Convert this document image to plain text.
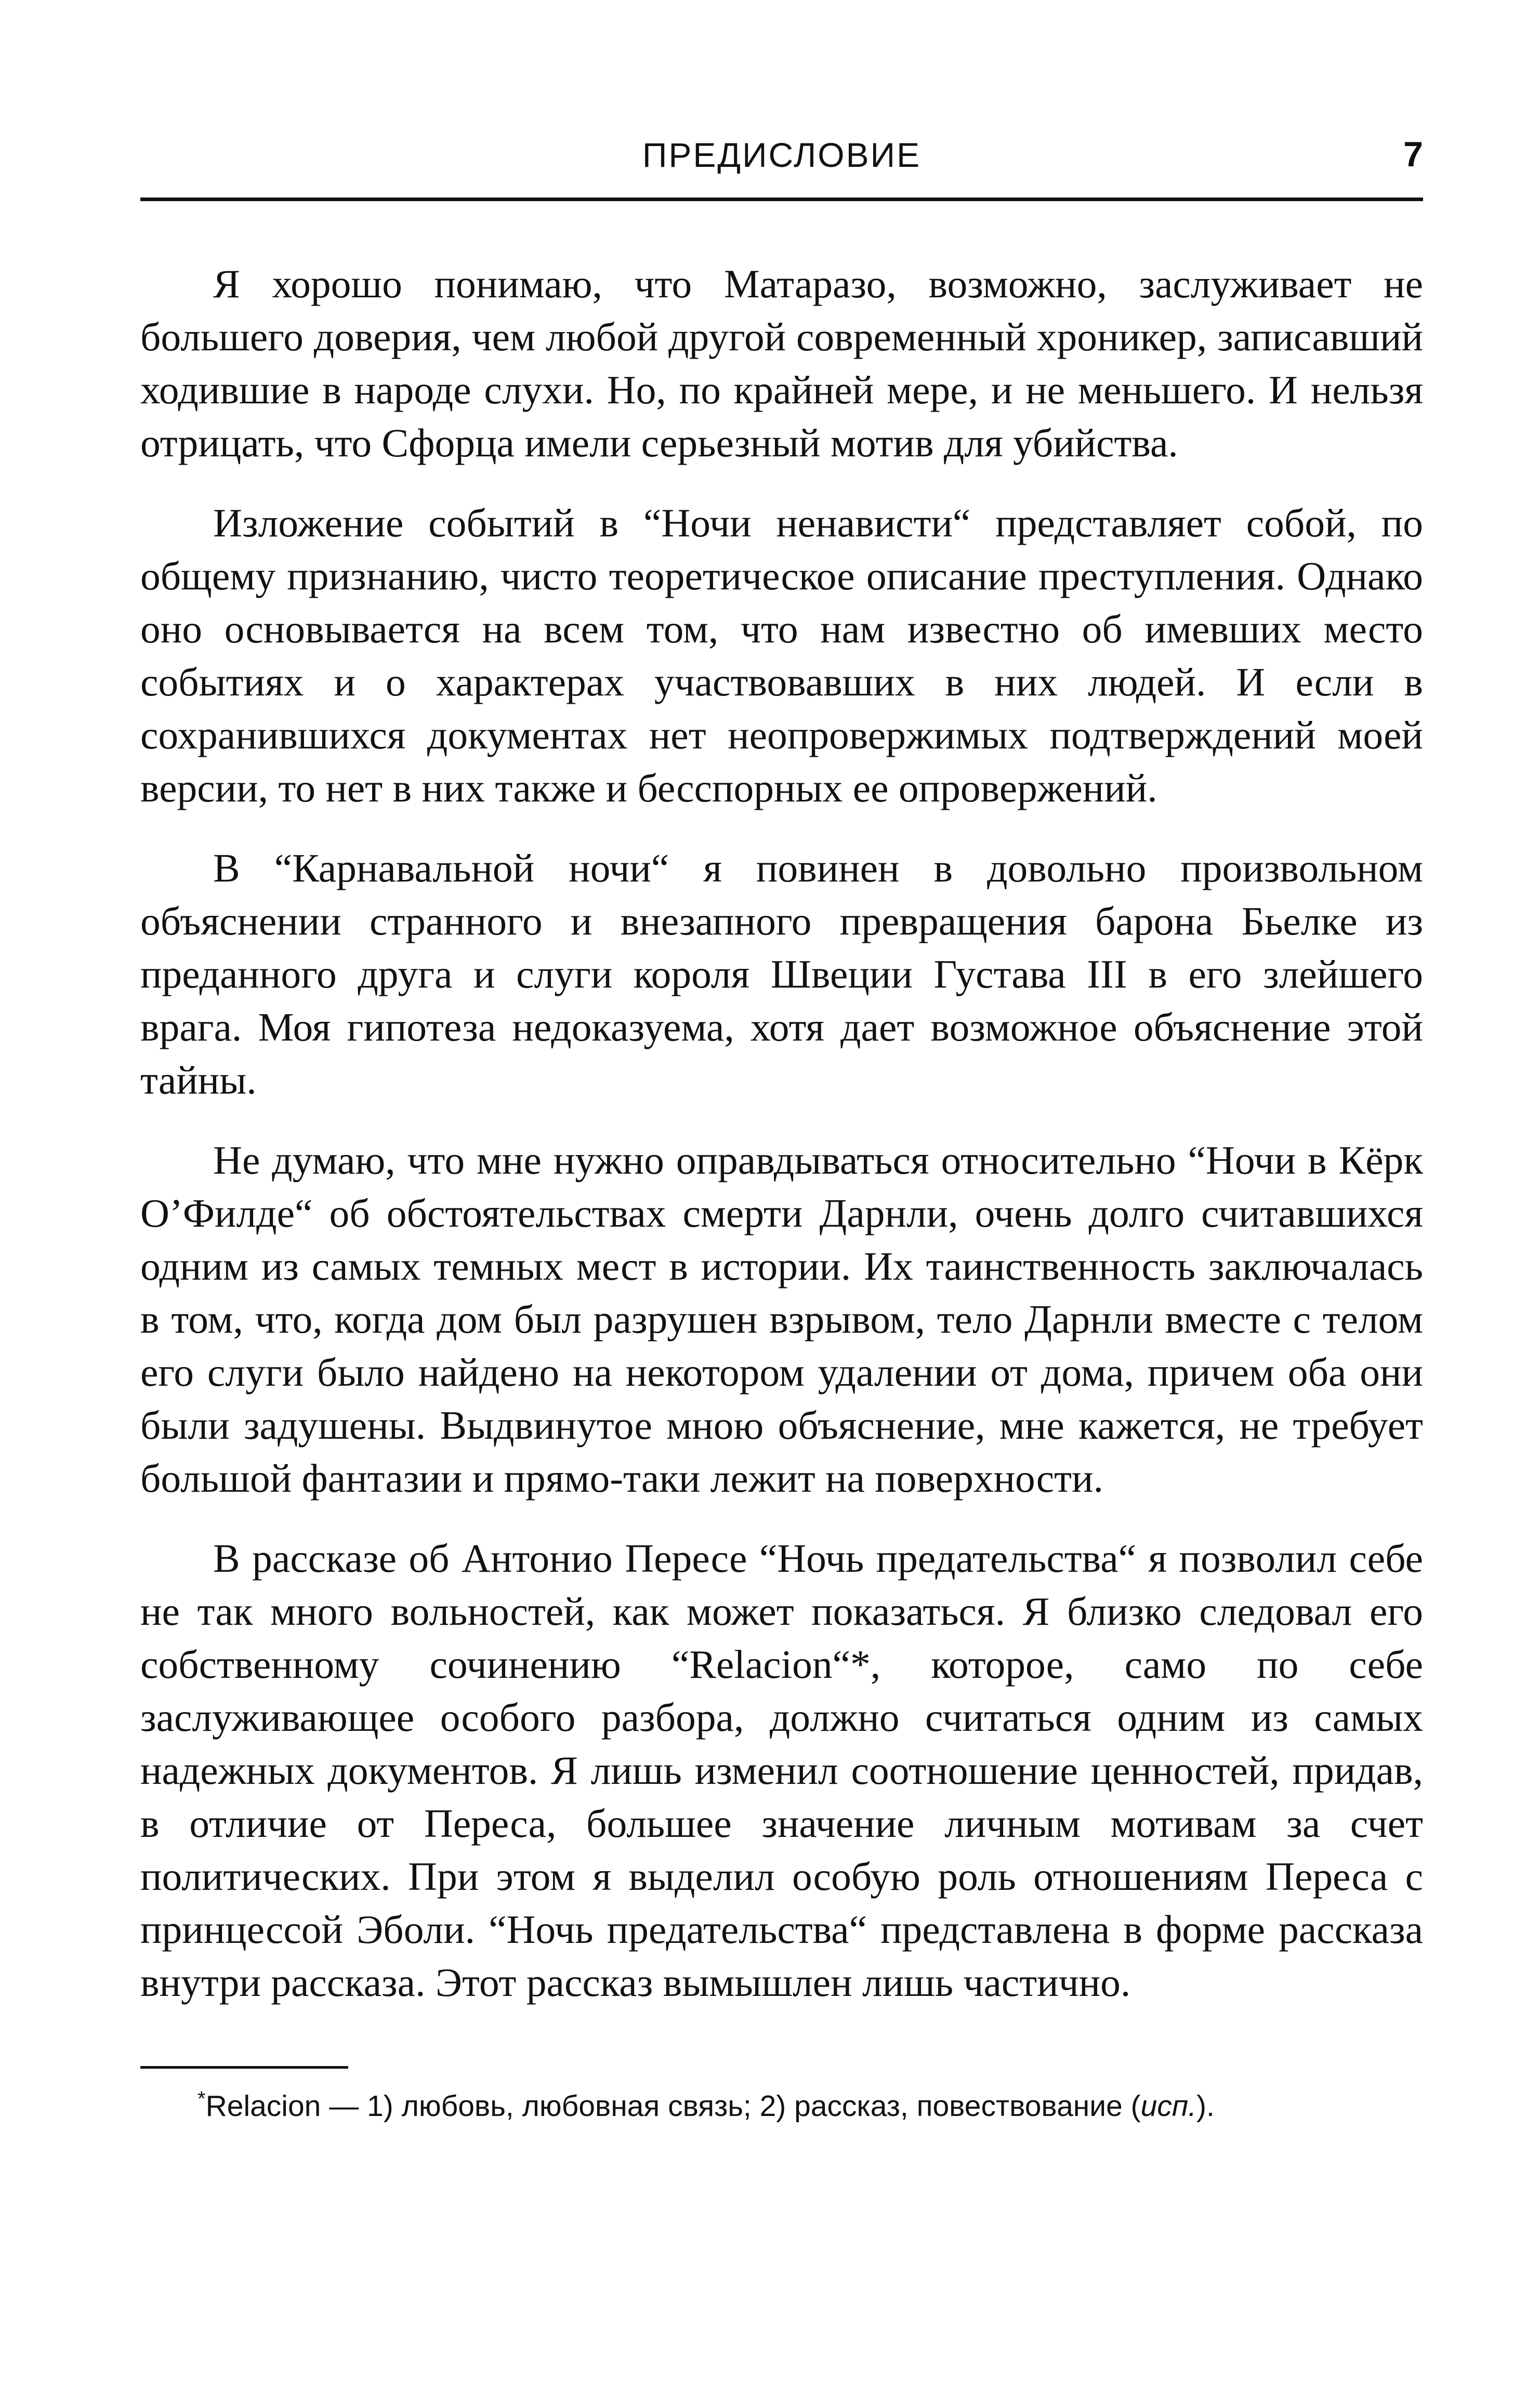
ПРЕДИСЛОВИЕ	7

Я хорошо понимаю, что Матаразо, возможно, заслуживает не большего доверия, чем любой другой современный хроникер, записавший ходившие в народе слухи. Но, по крайней мере, и не меньшего. И нельзя отрицать, что Сфорца имели серьезный мотив для убийства.

Изложение событий в “Ночи ненависти“ представляет собой, по общему признанию, чисто теоретическое описание преступления. Однако оно основывается на всем том, что нам известно об имевших место событиях и о характерах участвовавших в них людей. И если в сохранившихся документах нет неопровержимых подтверждений моей версии, то нет в них также и бесспорных ее опровержений.

В “Карнавальной ночи“ я повинен в довольно произвольном объяснении странного и внезапного превращения барона Бьелке из преданного друга и слуги короля Швеции Густава III в его злейшего врага. Моя гипотеза недоказуема, хотя дает возможное объяснение этой тайны.

Не думаю, что мне нужно оправдываться относительно “Ночи в Кёрк О’Филде“ об обстоятельствах смерти Дарнли, очень долго считавшихся одним из самых темных мест в истории. Их таинственность заключалась в том, что, когда дом был разрушен взрывом, тело Дарнли вместе с телом его слуги было найдено на некотором удалении от дома, причем оба они были задушены. Выдвинутое мною объяснение, мне кажется, не требует большой фантазии и прямо-таки лежит на поверхности.

В рассказе об Антонио Пересе “Ночь предательства“ я позволил себе не так много вольностей, как может показаться. Я близко следовал его собственному сочинению “Relacion“*, которое, само по себе заслуживающее особого разбора, должно считаться одним из самых надежных документов. Я лишь изменил соотношение ценностей, придав, в отличие от Переса, большее значение личным мотивам за счет политических. При этом я выделил особую роль отношениям Переса с принцессой Эболи. “Ночь предательства“ представлена в форме рассказа внутри рассказа. Этот рассказ вымышлен лишь частично.

*Relacion — 1) любовь, любовная связь; 2) рассказ, повествование (исп.).
